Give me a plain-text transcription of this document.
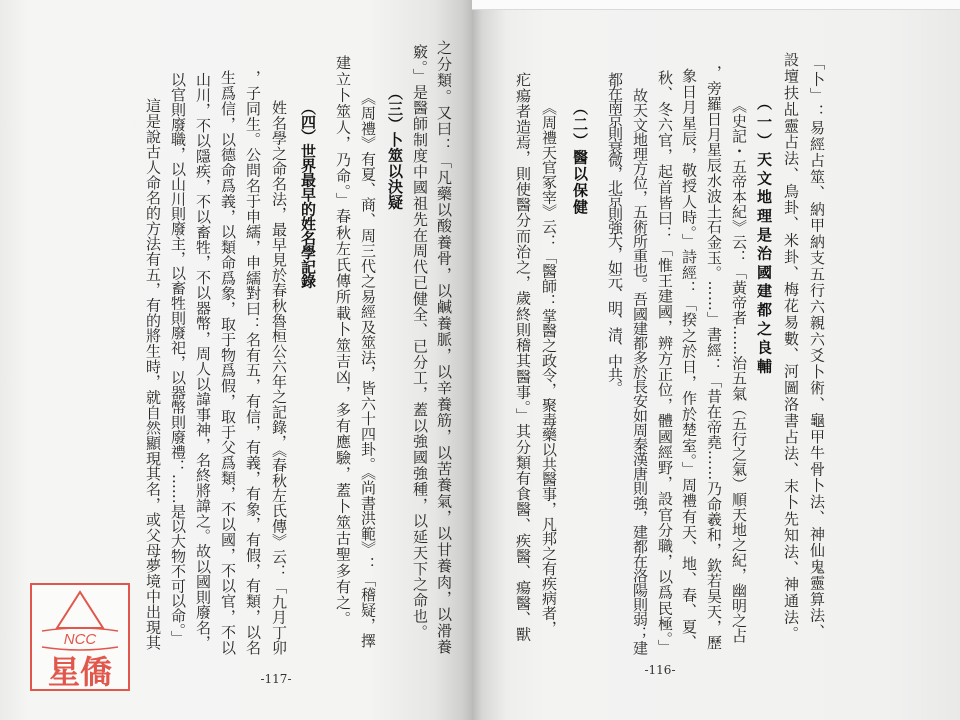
之分類。又曰：「凡藥以酸養骨，以鹹養脈，以辛養筋，以苦養氣，以甘養肉，以滑養
竅。」是醫師制度中國祖先在周代已健全、已分工，蓋以強國強種，以延天下之命也。
（三）卜筮以決疑
《周禮》有夏、商、周三代之易經及筮法，皆六十四卦。《尚書洪範》：「稽疑，擇
建立卜筮人，乃命。」春秋左氏傳所載卜筮吉凶，多有應驗，蓋卜筮古聖多有之。
（四）世界最早的姓名學記錄
姓名學之命名法，最早見於春秋魯桓公六年之記錄，《春秋左氏傳》云：「九月丁卯
，子同生。公問名于申繻，申繻對曰：名有五，有信，有義，有象，有假，有類，以名
生爲信，以德命爲義，以類命爲象，取于物爲假，取于父爲類，不以國，不以官，不以
山川，不以隱疾，不以畜牲，不以器幣，周人以諱事神，名終將諱之。故以國則廢名，
以官則廢職，以山川則廢主，以畜牲則廢祀，以器幣則廢禮：……是以大物不可以命。」
這是說古人命名的方法有五，有的將生時，就自然顯現其名，或父母夢境中出現其
-117-
NCC
星僑
「卜」：易經占筮、納甲納支五行六親六爻卜術、龜甲牛骨卜法、神仙鬼靈算法、
設壇扶乩靈占法、鳥卦、米卦、梅花易數、河圖洛書占法、末卜先知法、神通法。
（一）天文地理是治國建都之良輔
《史記・五帝本紀》云：「黃帝者……治五氣（五行之氣）順天地之紀，幽明之占
，旁羅日月星辰水波土石金玉。……」書經：「昔在帝堯……乃命羲和，欽若昊天，歷
象日月星辰，敬授人時。」詩經：「揆之於日，作於楚室。」周禮有天、地、春、夏、
秋、冬六官，起首皆曰：「惟王建國，辨方正位，體國經野，設官分職，以爲民極。」
故天文地理方位，五術所重也。吾國建都多於長安如周秦漢唐則強，建都在洛陽則弱；建
都在南京則衰微，北京則強大，如元、明、清、中共。
（二）醫以保健
《周禮天官冢宰》云：「醫師：掌醫之政令，聚毒藥以共醫事，凡邦之有疾病者，
疕瘍者造焉，則使醫分而治之，歲終則稽其醫事。」其分類有食醫、疾醫、瘍醫、獸
-116-
